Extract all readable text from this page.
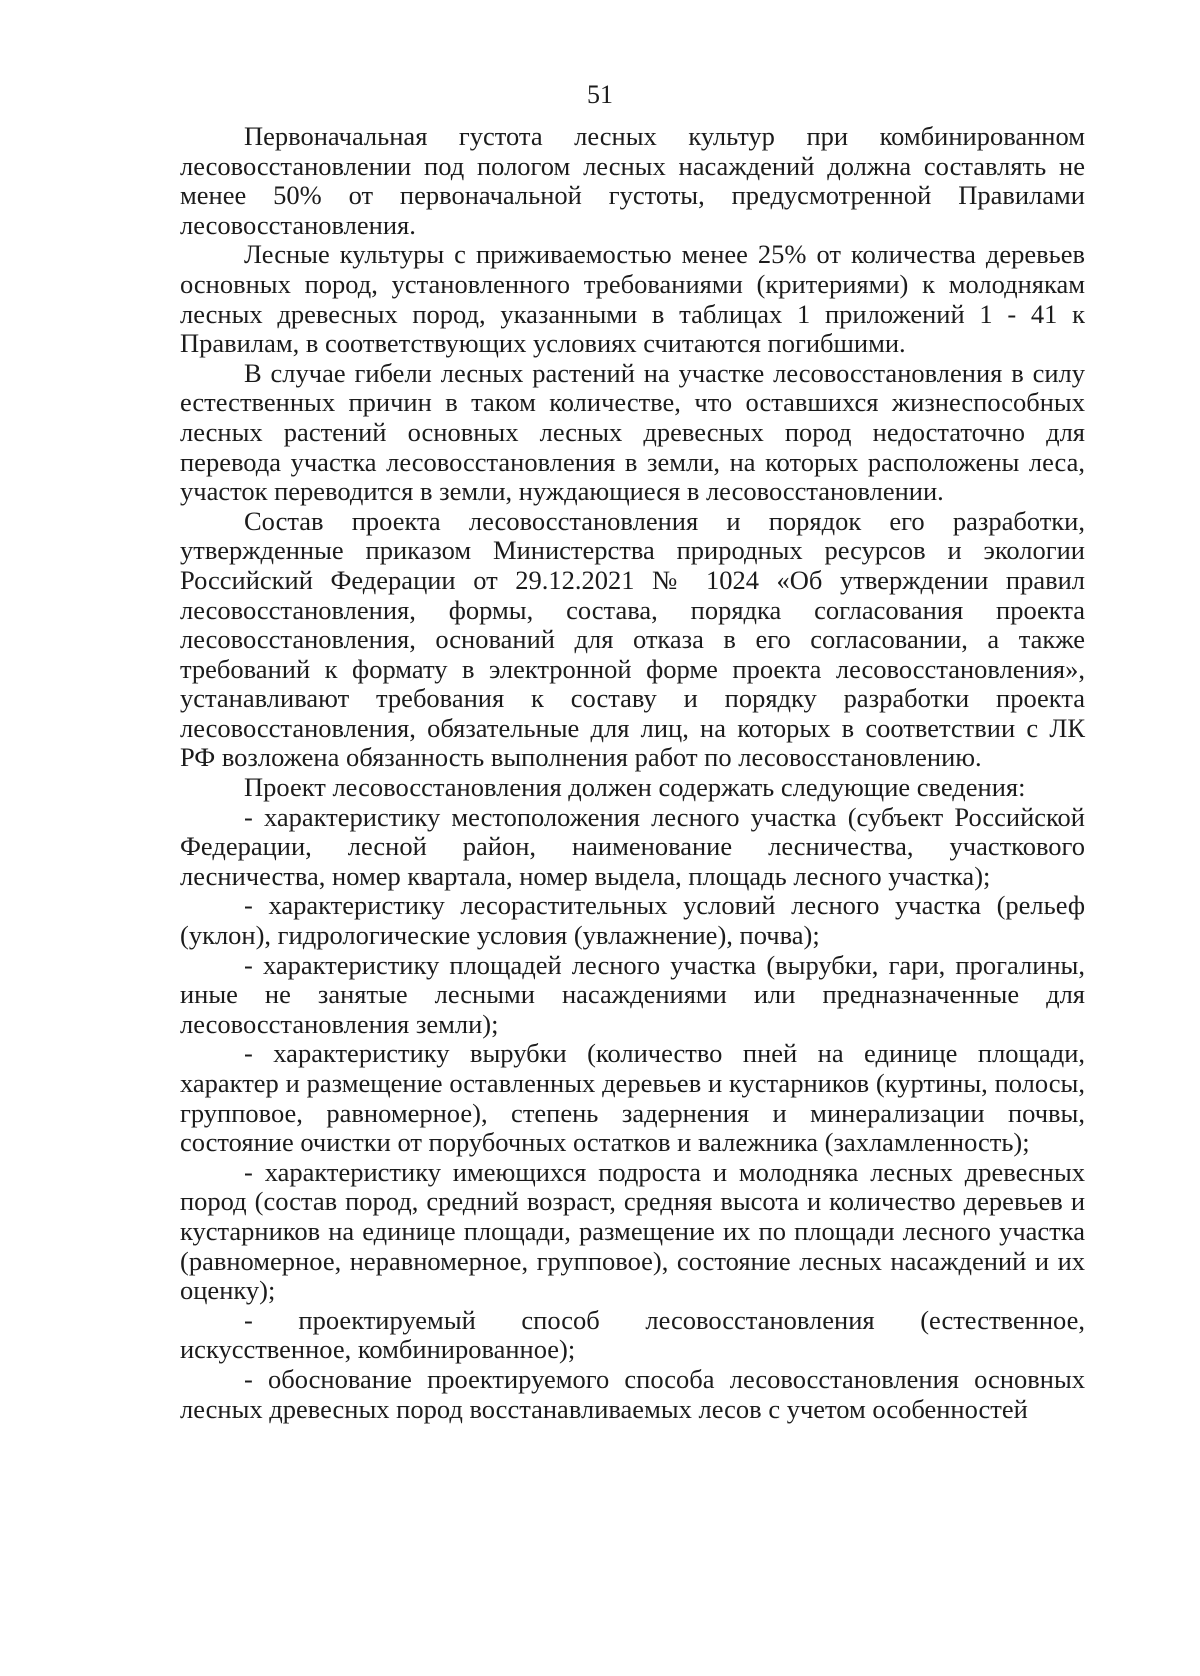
51

Первоначальная густота лесных культур при комбинированном лесовосстановлении под пологом лесных насаждений должна составлять не менее 50% от первоначальной густоты, предусмотренной Правилами лесовосстановления.

Лесные культуры с приживаемостью менее 25% от количества деревьев основных пород, установленного требованиями (критериями) к молоднякам лесных древесных пород, указанными в таблицах 1 приложений 1 - 41 к Правилам, в соответствующих условиях считаются погибшими.

В случае гибели лесных растений на участке лесовосстановления в силу естественных причин в таком количестве, что оставшихся жизнеспособных лесных растений основных лесных древесных пород недостаточно для перевода участка лесовосстановления в земли, на которых расположены леса, участок переводится в земли, нуждающиеся в лесовосстановлении.

Состав проекта лесовосстановления и порядок его разработки, утвержденные приказом Министерства природных ресурсов и экологии Российский Федерации от 29.12.2021 № 1024 «Об утверждении правил лесовосстановления, формы, состава, порядка согласования проекта лесовосстановления, оснований для отказа в его согласовании, а также требований к формату в электронной форме проекта лесовосстановления», устанавливают требования к составу и порядку разработки проекта лесовосстановления, обязательные для лиц, на которых в соответствии с ЛК РФ возложена обязанность выполнения работ по лесовосстановлению.

Проект лесовосстановления должен содержать следующие сведения:

- характеристику местоположения лесного участка (субъект Российской Федерации, лесной район, наименование лесничества, участкового лесничества, номер квартала, номер выдела, площадь лесного участка);

- характеристику лесорастительных условий лесного участка (рельеф (уклон), гидрологические условия (увлажнение), почва);

- характеристику площадей лесного участка (вырубки, гари, прогалины, иные не занятые лесными насаждениями или предназначенные для лесовосстановления земли);

- характеристику вырубки (количество пней на единице площади, характер и размещение оставленных деревьев и кустарников (куртины, полосы, групповое, равномерное), степень задернения и минерализации почвы, состояние очистки от порубочных остатков и валежника (захламленность);

- характеристику имеющихся подроста и молодняка лесных древесных пород (состав пород, средний возраст, средняя высота и количество деревьев и кустарников на единице площади, размещение их по площади лесного участка (равномерное, неравномерное, групповое), состояние лесных насаждений и их оценку);

- проектируемый способ лесовосстановления (естественное, искусственное, комбинированное);

- обоснование проектируемого способа лесовосстановления основных лесных древесных пород восстанавливаемых лесов с учетом особенностей
